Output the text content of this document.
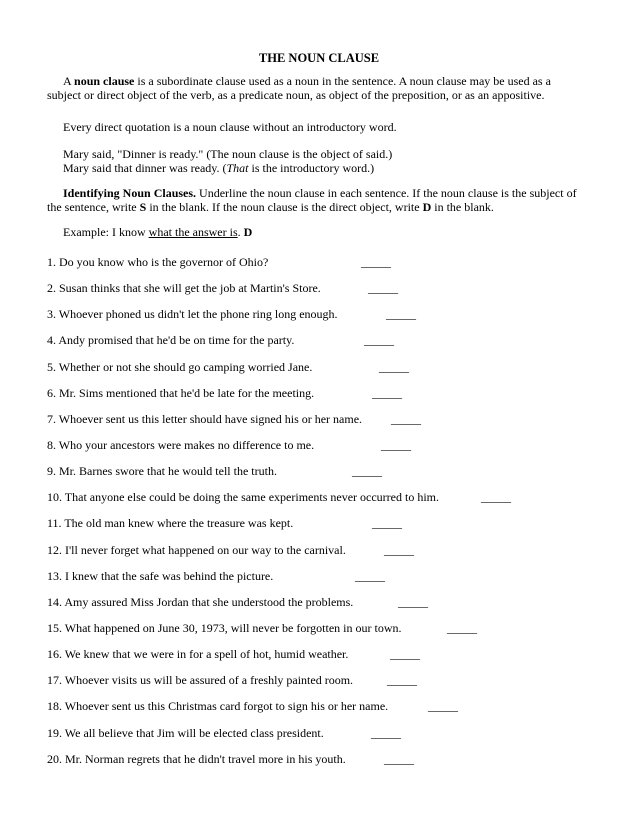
THE NOUN CLAUSE
A noun clause is a subordinate clause used as a noun in the sentence. A noun clause may be used as a
subject or direct object of the verb, as a predicate noun, as object of the preposition, or as an appositive.
Every direct quotation is a noun clause without an introductory word.
Mary said, "Dinner is ready." (The noun clause is the object of said.)
Mary said that dinner was ready. (That is the introductory word.)
Identifying Noun Clauses. Underline the noun clause in each sentence. If the noun clause is the subject of
the sentence, write S in the blank. If the noun clause is the direct object, write D in the blank.
Example: I know what the answer is. D
1. Do you know who is the governor of Ohio?	_____
2. Susan thinks that she will get the job at Martin's Store.	_____
3. Whoever phoned us didn't let the phone ring long enough.	_____
4. Andy promised that he'd be on time for the party.	_____
5. Whether or not she should go camping worried Jane.	_____
6. Mr. Sims mentioned that he'd be late for the meeting.	_____
7. Whoever sent us this letter should have signed his or her name. _____
8. Who your ancestors were makes no difference to me.	_____
9. Mr. Barnes swore that he would tell the truth.	_____
10. That anyone else could be doing the same experiments never occurred to him.	_____
11. The old man knew where the treasure was kept.	_____
12. I'll never forget what happened on our way to the carnival.	_____
13. I knew that the safe was behind the picture.	_____
14. Amy assured Miss Jordan that she understood the problems.	_____
15. What happened on June 30, 1973, will never be forgotten in our town.	_____
16. We knew that we were in for a spell of hot, humid weather.	_____
17. Whoever visits us will be assured of a freshly painted room.	_____
18. Whoever sent us this Christmas card forgot to sign his or her name.	_____
19. We all believe that Jim will be elected class president.	_____
20. Mr. Norman regrets that he didn't travel more in his youth.	_____
